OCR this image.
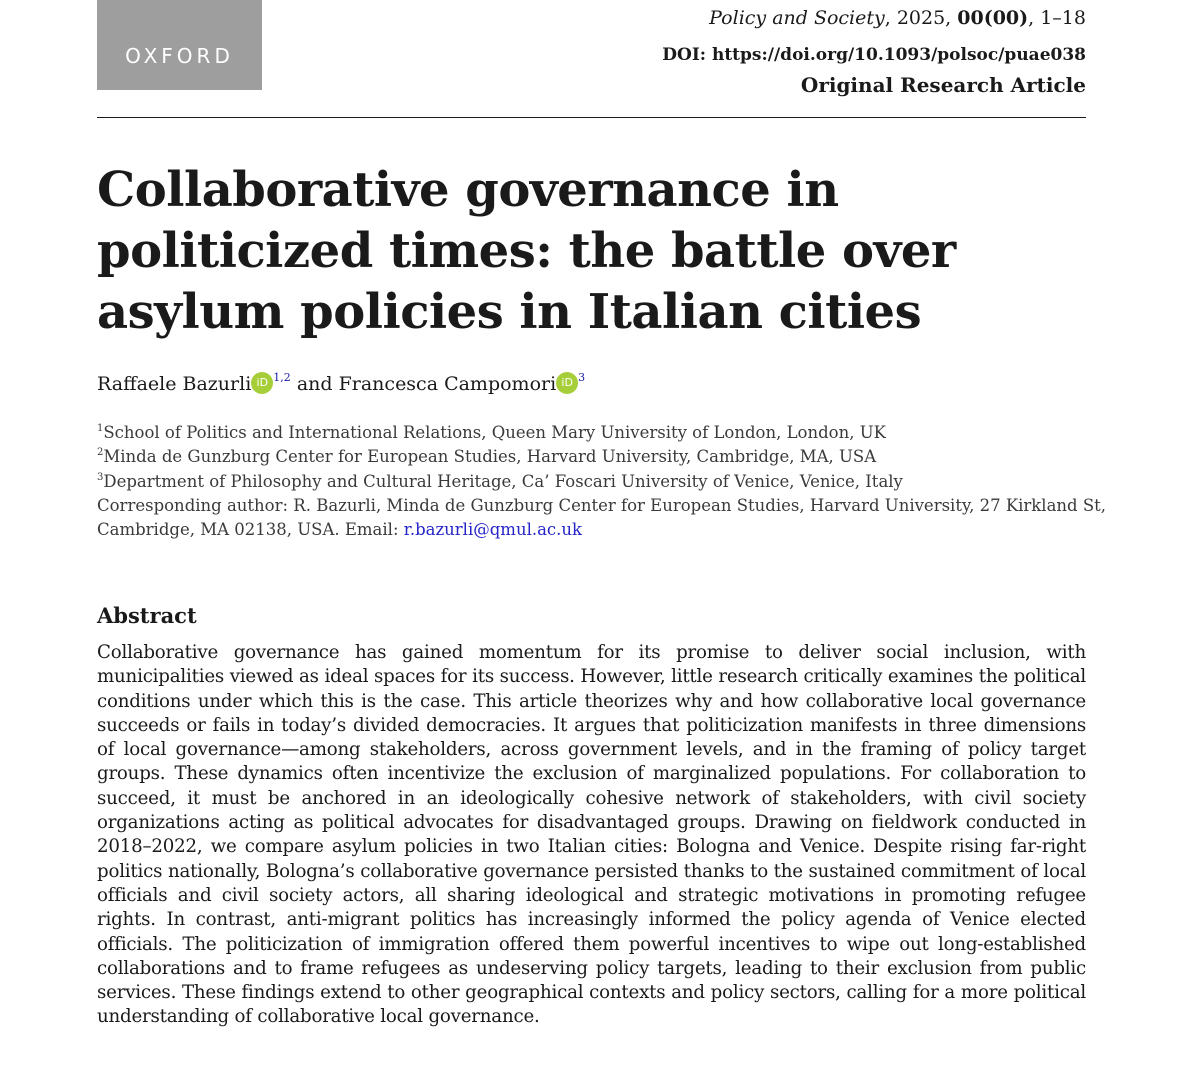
OXFORD
Policy and Society, 2025, 00(00), 1–18
DOI: https://doi.org/10.1093/polsoc/puae038
Original Research Article
Collaborative governance in politicized times: the battle over asylum policies in Italian cities
Raffaele Bazurli iD $^{1,2}$ and Francesca Campomori iD $^3$
$^1$School of Politics and International Relations, Queen Mary University of London, London, UK
$^2$Minda de Gunzburg Center for European Studies, Harvard University, Cambridge, MA, USA
$^3$Department of Philosophy and Cultural Heritage, Ca’ Foscari University of Venice, Venice, Italy
Corresponding author: R. Bazurli, Minda de Gunzburg Center for European Studies, Harvard University, 27 Kirkland St,
Cambridge, MA 02138, USA. Email: r.bazurli@qmul.ac.uk
Abstract

Collaborative governance has gained momentum for its promise to deliver social inclusion, with municipalities viewed as ideal spaces for its success. However, little research critically examines the political conditions under which this is the case. This article theorizes why and how collaborative local governance succeeds or fails in today’s divided democracies. It argues that politicization manifests in three dimensions of local governance—among stakeholders, across government levels, and in the framing of policy target groups. These dynamics often incentivize the exclusion of marginalized populations. For collaboration to succeed, it must be anchored in an ideologically cohesive network of stakeholders, with civil society organizations acting as political advocates for disadvantaged groups. Drawing on fieldwork conducted in 2018–2022, we compare asylum policies in two Italian cities: Bologna and Venice. Despite rising far-right politics nationally, Bologna’s collaborative governance persisted thanks to the sustained commitment of local officials and civil society actors, all sharing ideological and strategic motivations in promoting refugee rights. In contrast, anti-migrant politics has increasingly informed the policy agenda of Venice elected officials. The politicization of immigration offered them powerful incentives to wipe out long-established collaborations and to frame refugees as undeserving policy targets, leading to their exclusion from public services. These findings extend to other geographical contexts and policy sectors, calling for a more political understanding of collaborative local governance.
